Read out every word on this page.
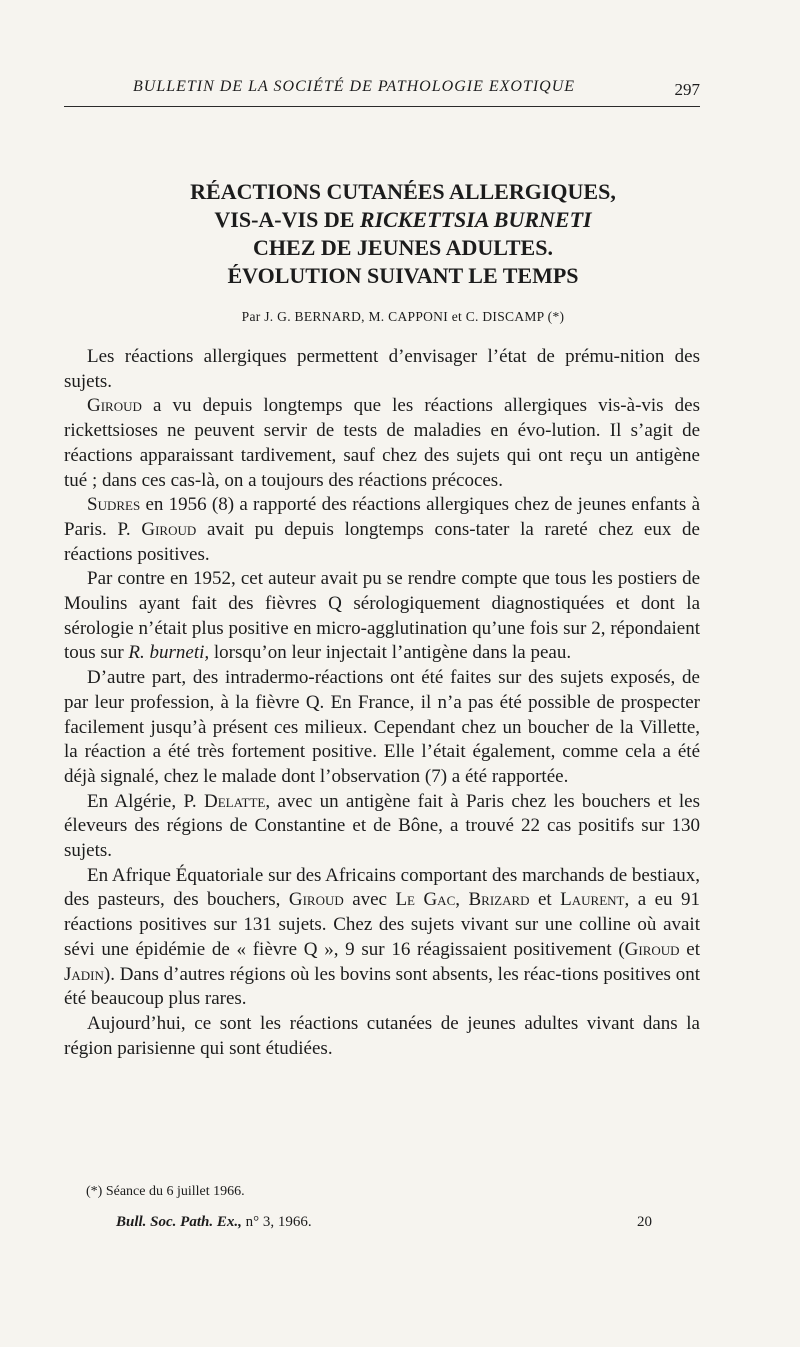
BULLETIN DE LA SOCIÉTÉ DE PATHOLOGIE EXOTIQUE	297
RÉACTIONS CUTANÉES ALLERGIQUES,
VIS-A-VIS DE RICKETTSIA BURNETI
CHEZ DE JEUNES ADULTES.
ÉVOLUTION SUIVANT LE TEMPS
Par J. G. BERNARD, M. CAPPONI et C. DISCAMP (*)

Les réactions allergiques permettent d’envisager l’état de prému-nition des sujets.

Giroud a vu depuis longtemps que les réactions allergiques vis-à-vis des rickettsioses ne peuvent servir de tests de maladies en évo-lution. Il s’agit de réactions apparaissant tardivement, sauf chez des sujets qui ont reçu un antigène tué ; dans ces cas-là, on a toujours des réactions précoces.

Sudres en 1956 (8) a rapporté des réactions allergiques chez de jeunes enfants à Paris. P. Giroud avait pu depuis longtemps cons-tater la rareté chez eux de réactions positives.

Par contre en 1952, cet auteur avait pu se rendre compte que tous les postiers de Moulins ayant fait des fièvres Q sérologiquement diagnostiquées et dont la sérologie n’était plus positive en micro-agglutination qu’une fois sur 2, répondaient tous sur R. burneti, lorsqu’on leur injectait l’antigène dans la peau.

D’autre part, des intradermo-réactions ont été faites sur des sujets exposés, de par leur profession, à la fièvre Q. En France, il n’a pas été possible de prospecter facilement jusqu’à présent ces milieux. Cependant chez un boucher de la Villette, la réaction a été très fortement positive. Elle l’était également, comme cela a été déjà signalé, chez le malade dont l’observation (7) a été rapportée.

En Algérie, P. Delatte, avec un antigène fait à Paris chez les bouchers et les éleveurs des régions de Constantine et de Bône, a trouvé 22 cas positifs sur 130 sujets.

En Afrique Équatoriale sur des Africains comportant des marchands de bestiaux, des pasteurs, des bouchers, Giroud avec Le Gac, Brizard et Laurent, a eu 91 réactions positives sur 131 sujets. Chez des sujets vivant sur une colline où avait sévi une épidémie de « fièvre Q », 9 sur 16 réagissaient positivement (Giroud et Jadin). Dans d’autres régions où les bovins sont absents, les réac-tions positives ont été beaucoup plus rares.

Aujourd’hui, ce sont les réactions cutanées de jeunes adultes vivant dans la région parisienne qui sont étudiées.

(*) Séance du 6 juillet 1966.
Bull. Soc. Path. Ex., n° 3, 1966.	20
